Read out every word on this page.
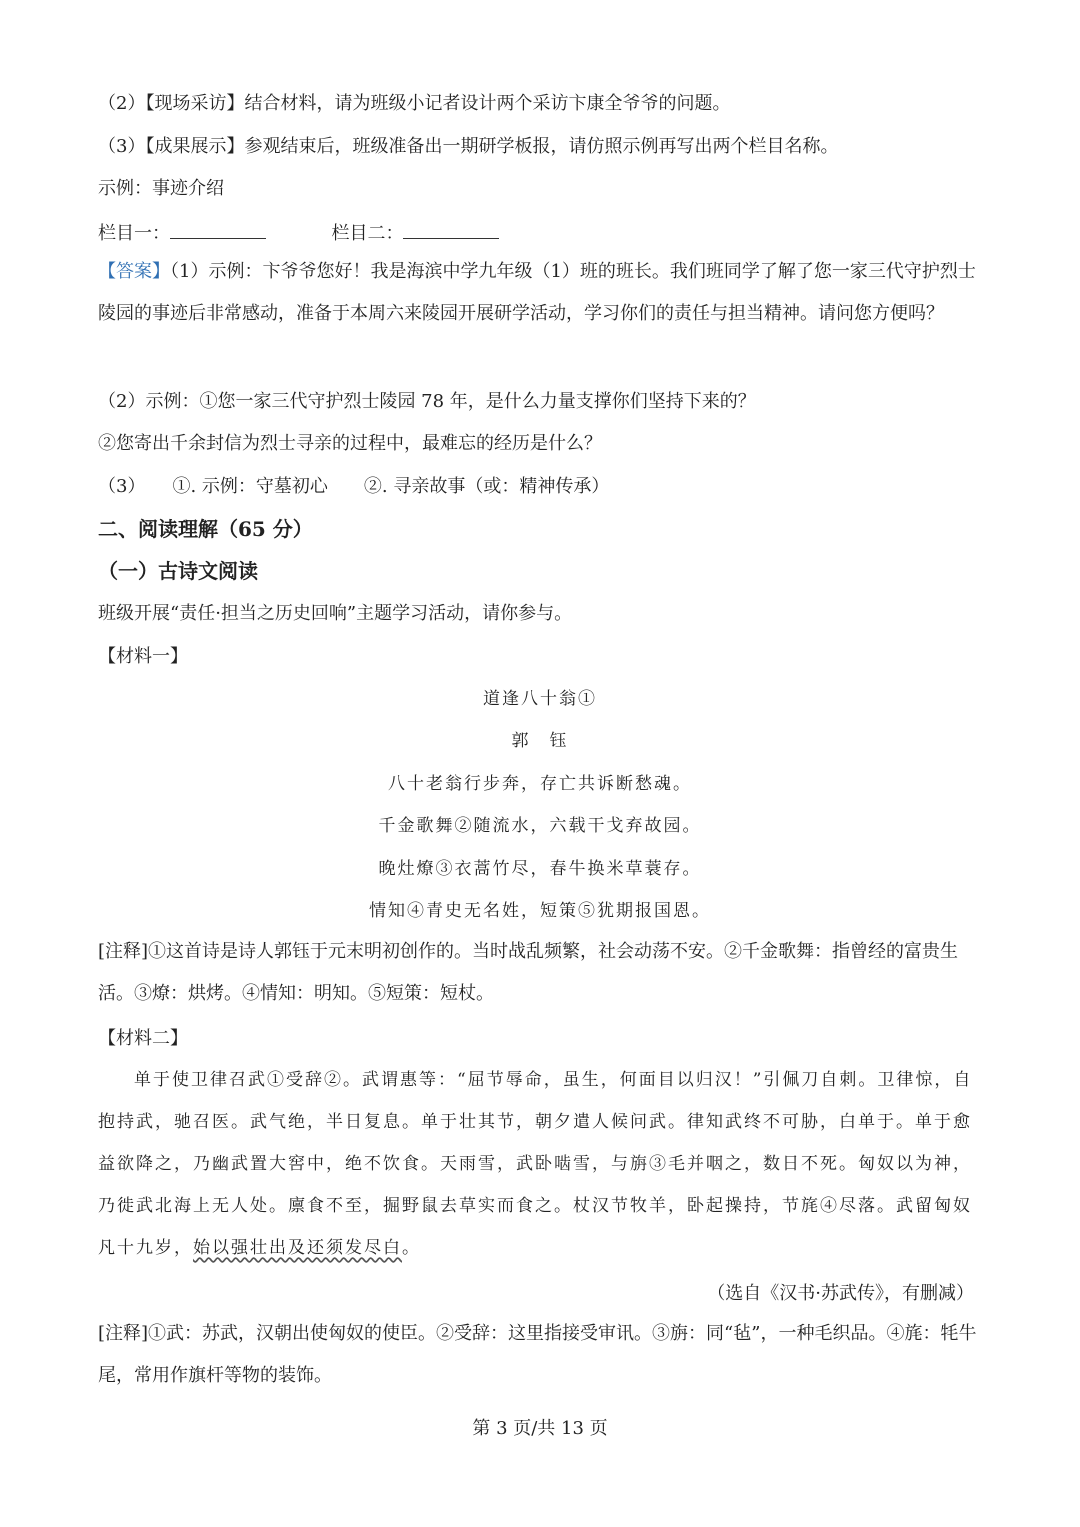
（2）【现场采访】结合材料，请为班级小记者设计两个采访卞康全爷爷的问题。
（3）【成果展示】参观结束后，班级准备出一期研学板报，请仿照示例再写出两个栏目名称。
示例：事迹介绍
栏目一：	栏目二：
【答案】（1）示例：卞爷爷您好！我是海滨中学九年级（1）班的班长。我们班同学了解了您一家三代守护烈士陵园的事迹后非常感动，准备于本周六来陵园开展研学活动，学习你们的责任与担当精神。请问您方便吗？
（2）示例：①您一家三代守护烈士陵园 78 年，是什么力量支撑你们坚持下来的？
②您寄出千余封信为烈士寻亲的过程中，最难忘的经历是什么？
（3）　　①. 示例：守墓初心　　②. 寻亲故事（或：精神传承）
二、阅读理解（65 分）
（一）古诗文阅读
班级开展“责任·担当之历史回响”主题学习活动，请你参与。
【材料一】
道逢八十翁①
郭　钰
八十老翁行步奔，存亡共诉断愁魂。
千金歌舞②随流水，六载干戈弃故园。
晚灶燎③衣蒿竹尽，春牛换米草蓑存。
情知④青史无名姓，短策⑤犹期报国恩。
[注释]①这首诗是诗人郭钰于元末明初创作的。当时战乱频繁，社会动荡不安。②千金歌舞：指曾经的富贵生活。③燎：烘烤。④情知：明知。⑤短策：短杖。
【材料二】
单于使卫律召武①受辞②。武谓惠等：“屈节辱命，虽生，何面目以归汉！”引佩刀自刺。卫律惊，自抱持武，驰召医。武气绝，半日复息。单于壮其节，朝夕遣人候问武。律知武终不可胁，白单于。单于愈益欲降之，乃幽武置大窖中，绝不饮食。天雨雪，武卧啮雪，与旃③毛并咽之，数日不死。匈奴以为神，乃徙武北海上无人处。廪食不至，掘野鼠去草实而食之。杖汉节牧羊，卧起操持，节旄④尽落。武留匈奴凡十九岁，始以强壮出及还须发尽白。
（选自《汉书·苏武传》，有删减）
[注释]①武：苏武，汉朝出使匈奴的使臣。②受辞：这里指接受审讯。③旃：同“毡”，一种毛织品。④旄：牦牛尾，常用作旗杆等物的装饰。
第 3 页/共 13 页
